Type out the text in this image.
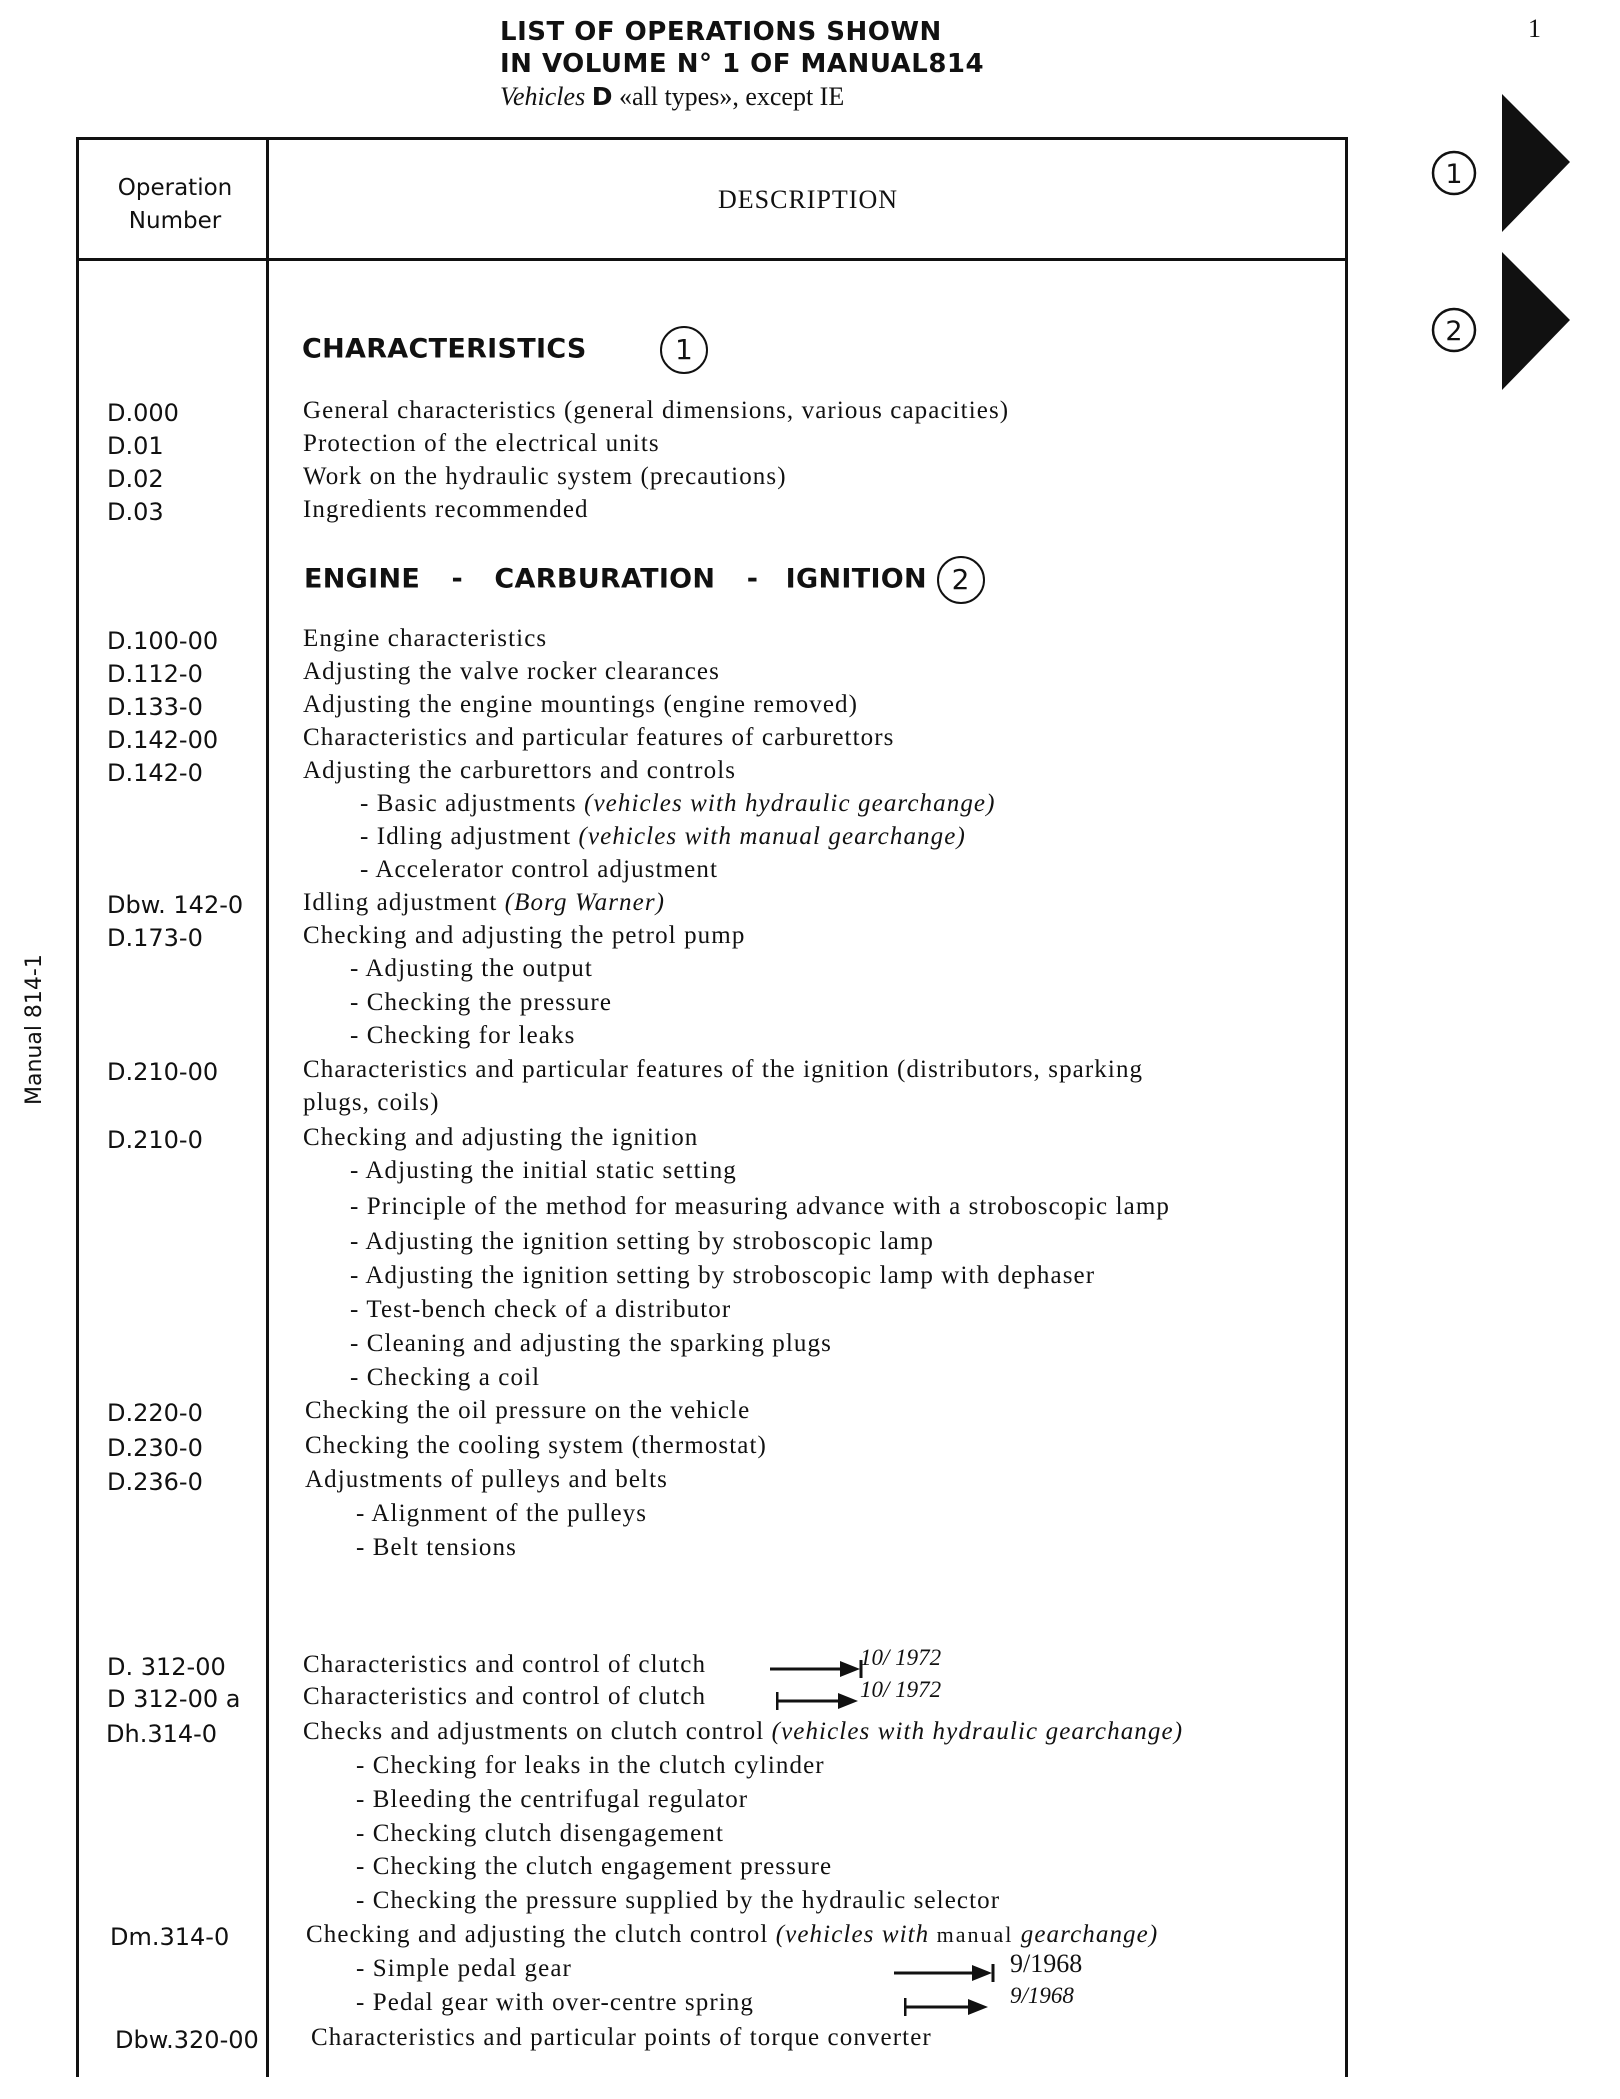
1
LIST OF OPERATIONS SHOWN
IN VOLUME N° 1 OF MANUAL814
Vehicles D «all types», except IE
Manual 814-1
Operation
Number
DESCRIPTION
CHARACTERISTICS	1
ENGINE - CARBURATION - IGNITION 2
D.000	General characteristics (general dimensions, various capacities)
D.01	Protection of the electrical units
D.02	Work on the hydraulic system (precautions)
D.03	Ingredients recommended
D.100-00	Engine characteristics
D.112-0	Adjusting the valve rocker clearances
D.133-0	Adjusting the engine mountings (engine removed)
D.142-00	Characteristics and particular features of carburettors
D.142-0	Adjusting the carburettors and controls
- Basic adjustments (vehicles with hydraulic gearchange)
- Idling adjustment (vehicles with manual gearchange)
- Accelerator control adjustment
Dbw. 142-0 Idling adjustment (Borg Warner)
D.173-0	Checking and adjusting the petrol pump
- Adjusting the output
- Checking the pressure
- Checking for leaks
D.210-00	Characteristics and particular features of the ignition (distributors, sparking
plugs, coils)
D.210-0	Checking and adjusting the ignition
- Adjusting the initial static setting
- Principle of the method for measuring advance with a stroboscopic lamp
- Adjusting the ignition setting by stroboscopic lamp
- Adjusting the ignition setting by stroboscopic lamp with dephaser
- Test-bench check of a distributor
- Cleaning and adjusting the sparking plugs
- Checking a coil
D.220-0	Checking the oil pressure on the vehicle
D.230-0	Checking the cooling system (thermostat)
D.236-0	Adjustments of pulleys and belts
- Alignment of the pulleys
- Belt tensions
D. 312-00	Characteristics and control of clutch	10/ 1972
D 312-00 a	Characteristics and control of clutch	10/ 1972
Dh.314-0	Checks and adjustments on clutch control (vehicles with hydraulic gearchange)
- Checking for leaks in the clutch cylinder
- Bleeding the centrifugal regulator
- Checking clutch disengagement
- Checking the clutch engagement pressure
- Checking the pressure supplied by the hydraulic selector
Dm.314-0	Checking and adjusting the clutch control (vehicles with manual gearchange)
- Simple pedal gear	9/1968
- Pedal gear with over-centre spring	9/1968
Dbw.320-00 Characteristics and particular points of torque converter
1
2
